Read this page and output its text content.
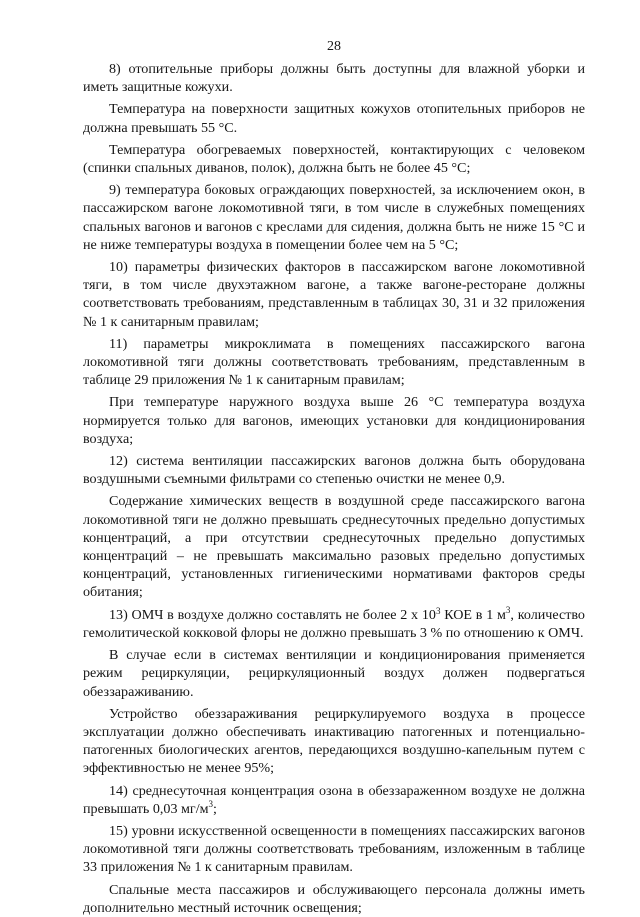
28

8) отопительные приборы должны быть доступны для влажной уборки и иметь защитные кожухи.

Температура на поверхности защитных кожухов отопительных приборов не должна превышать 55 °С.

Температура обогреваемых поверхностей, контактирующих с человеком (спинки спальных диванов, полок), должна быть не более 45 °С;

9) температура боковых ограждающих поверхностей, за исключением окон, в пассажирском вагоне локомотивной тяги, в том числе в служебных помещениях спальных вагонов и вагонов с креслами для сидения, должна быть не ниже 15 °С и не ниже температуры воздуха в помещении более чем на 5 °С;

10) параметры физических факторов в пассажирском вагоне локомотивной тяги, в том числе двухэтажном вагоне, а также вагоне-ресторане должны соответствовать требованиям, представленным в таблицах 30, 31 и 32 приложения № 1 к санитарным правилам;

11) параметры микроклимата в помещениях пассажирского вагона локомотивной тяги должны соответствовать требованиям, представленным в таблице 29 приложения № 1 к санитарным правилам;

При температуре наружного воздуха выше 26 °С температура воздуха нормируется только для вагонов, имеющих установки для кондиционирования воздуха;

12) система вентиляции пассажирских вагонов должна быть оборудована воздушными съемными фильтрами со степенью очистки не менее 0,9.

Содержание химических веществ в воздушной среде пассажирского вагона локомотивной тяги не должно превышать среднесуточных предельно допустимых концентраций, а при отсутствии среднесуточных предельно допустимых концентраций – не превышать максимально разовых предельно допустимых концентраций, установленных гигиеническими нормативами факторов среды обитания;

13) ОМЧ в воздухе должно составлять не более 2 х $10^3$ КОЕ в 1 $м^3$, количество гемолитической кокковой флоры не должно превышать 3 % по отношению к ОМЧ.

В случае если в системах вентиляции и кондиционирования применяется режим рециркуляции, рециркуляционный воздух должен подвергаться обеззараживанию.

Устройство обеззараживания рециркулируемого воздуха в процессе эксплуатации должно обеспечивать инактивацию патогенных и потенциально-патогенных биологических агентов, передающихся воздушно-капельным путем с эффективностью не менее 95%;

14) среднесуточная концентрация озона в обеззараженном воздухе не должна превышать 0,03 $мг/м^3$;

15) уровни искусственной освещенности в помещениях пассажирских вагонов локомотивной тяги должны соответствовать требованиям, изложенным в таблице 33 приложения № 1 к санитарным правилам.

Спальные места пассажиров и обслуживающего персонала должны иметь дополнительно местный источник освещения;
